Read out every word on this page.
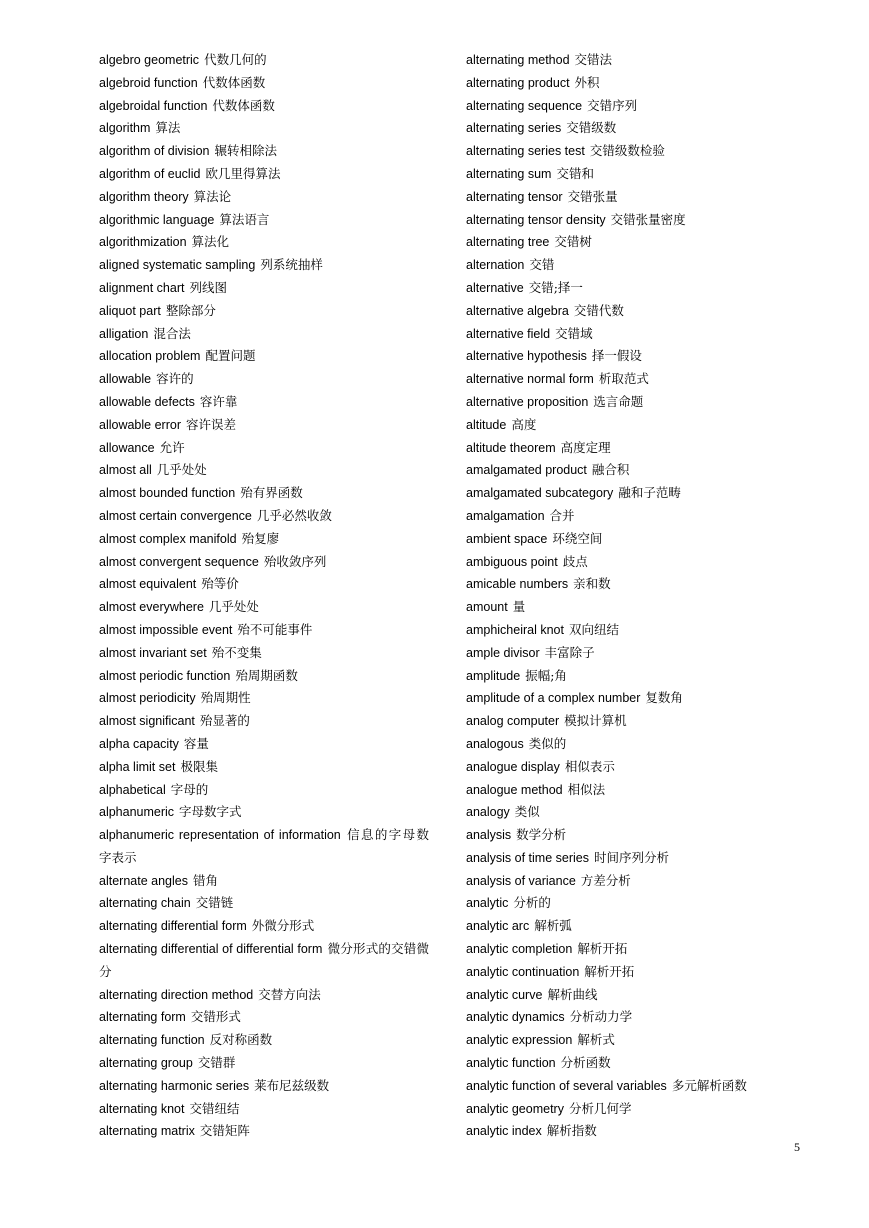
algebro geometric 代数几何的
algebroid function 代数体函数
algebroidal function 代数体函数
algorithm 算法
algorithm of division 辗转相除法
algorithm of euclid 欧几里得算法
algorithm theory 算法论
algorithmic language 算法语言
algorithmization 算法化
aligned systematic sampling 列系统抽样
alignment chart 列线图
aliquot part 整除部分
alligation 混合法
allocation problem 配置问题
allowable 容许的
allowable defects 容许靠
allowable error 容许误差
allowance 允许
almost all 几乎处处
almost bounded function 殆有界函数
almost certain convergence 几乎必然收敛
almost complex manifold 殆复廖
almost convergent sequence 殆收敛序列
almost equivalent 殆等价
almost everywhere 几乎处处
almost impossible event 殆不可能事件
almost invariant set 殆不变集
almost periodic function 殆周期函数
almost periodicity 殆周期性
almost significant 殆显著的
alpha capacity 容量
alpha limit set 极限集
alphabetical 字母的
alphanumeric 字母数字式
alphanumeric representation of information 信息的字母数字表示
alternate angles 错角
alternating chain 交错链
alternating differential form 外微分形式
alternating differential of differential form 微分形式的交错微分
alternating direction method 交替方向法
alternating form 交错形式
alternating function 反对称函数
alternating group 交错群
alternating harmonic series 莱布尼兹级数
alternating knot 交错纽结
alternating matrix 交错矩阵
alternating method 交错法
alternating product 外积
alternating sequence 交错序列
alternating series 交错级数
alternating series test 交错级数检验
alternating sum 交错和
alternating tensor 交错张量
alternating tensor density 交错张量密度
alternating tree 交错树
alternation 交错
alternative 交错;择一
alternative algebra 交错代数
alternative field 交错域
alternative hypothesis 择一假设
alternative normal form 析取范式
alternative proposition 选言命题
altitude 高度
altitude theorem 高度定理
amalgamated product 融合积
amalgamated subcategory 融和子范畴
amalgamation 合并
ambient space 环绕空间
ambiguous point 歧点
amicable numbers 亲和数
amount 量
amphicheiral knot 双向纽结
ample divisor 丰富除子
amplitude 振幅;角
amplitude of a complex number 复数角
analog computer 模拟计算机
analogous 类似的
analogue display 相似表示
analogue method 相似法
analogy 类似
analysis 数学分析
analysis of time series 时间序列分析
analysis of variance 方差分析
analytic 分析的
analytic arc 解析弧
analytic completion 解析开拓
analytic continuation 解析开拓
analytic curve 解析曲线
analytic dynamics 分析动力学
analytic expression 解析式
analytic function 分析函数
analytic function of several variables 多元解析函数
analytic geometry 分析几何学
analytic index 解析指数
5
